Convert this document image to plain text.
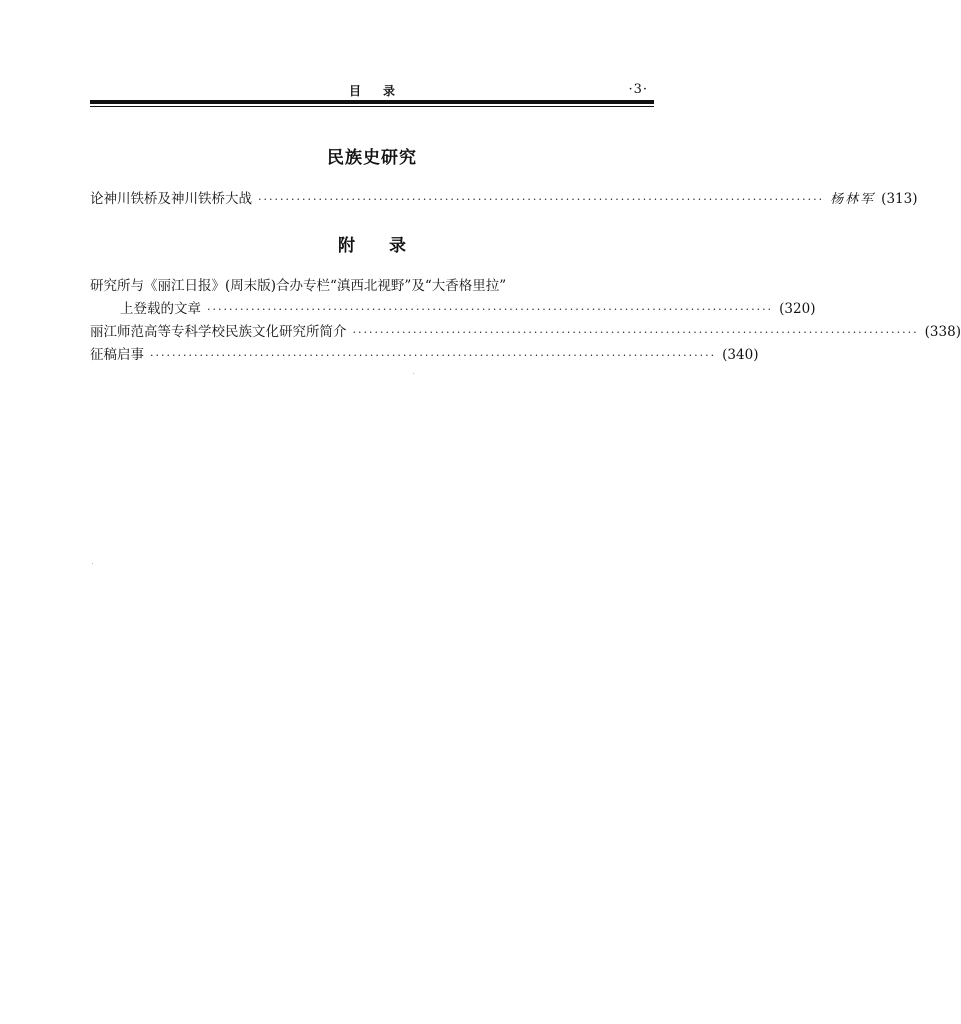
目录	·3·
民族史研究
论神川铁桥及神川铁桥大战 ······································································································· 杨林军 (313)
附录
研究所与《丽江日报》(周末版)合办专栏“滇西北视野”及“大香格里拉”
上登载的文章 ······································································································· (320)
丽江师范高等专科学校民族文化研究所简介 ······································································································· (338)
征稿启事 ······································································································· (340)
